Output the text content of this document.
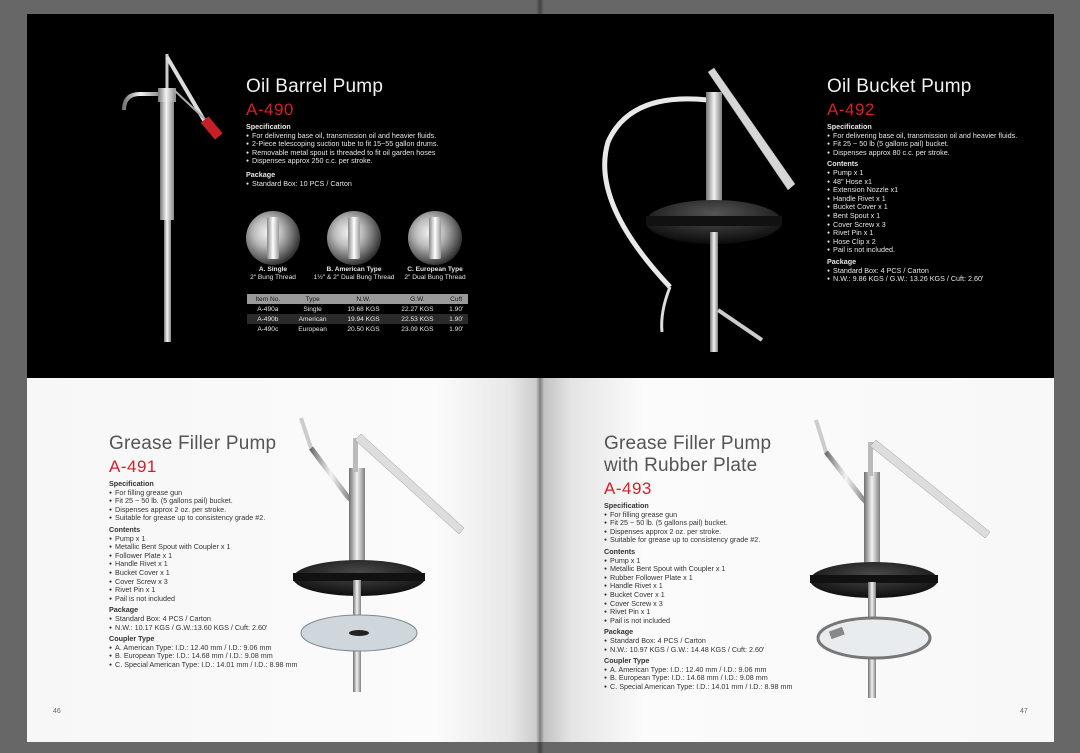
Oil Barrel Pump
A-490
Specification
● For delivering base oil, transmission oil and heavier fluids.
● 2-Piece telescoping suction tube to fit 15~55 gallon drums.
● Removable metal spout is threaded to fit oil garden hoses
● Dispenses approx 250 c.c. per stroke.
Package
● Standard Box: 10 PCS / Carton
A. Single
2" Bung Thread
B. American Type
1½" & 2" Dual Bung Thread
C. European Type
2" Dual Bung Thread
Item No.	Type	N.W.	G.W.	Cuft
A-490a	Single	19.68 KGS	22.27 KGS	1.90'
A-490b	American	19.94 KGS	22.53 KGS	1.90'
A-490c	European	20.50 KGS	23.09 KGS	1.90'
Grease Filler Pump
A-491
Specification
● For filling grease gun
● Fit 25 ~ 50 lb. (5 gallons pail) bucket.
● Dispenses approx 2 oz. per stroke.
● Suitable for grease up to consistency grade #2.
Contents
● Pump x 1
● Metallic Bent Spout with Coupler x 1
● Follower Plate x 1
● Handle Rivet x 1
● Bucket Cover x 1
● Cover Screw x 3
● Rivet Pin x 1
● Pail is not included
Package
● Standard Box: 4 PCS / Carton
● N.W.: 10.17 KGS / G.W.:13.60 KGS / Cuft: 2.60'
Coupler Type
● A. American Type: I.D.: 12.40 mm / I.D.: 9.06 mm
● B. European Type: I.D.: 14.68 mm / I.D.: 9.08 mm
● C. Special American Type: I.D.: 14.01 mm / I.D.: 8.98 mm
46
Oil Bucket Pump
A-492
Specification
● For delivering base oil, transmission oil and heavier fluids.
● Fit 25 ~ 50 lb (5 gallons pail) bucket.
● Dispenses approx 80 c.c. per stroke.
Contents
● Pump x 1
● 48" Hose x1
● Extension Nozzle x1
● Handle Rivet x 1
● Bucket Cover x 1
● Bent Spout x 1
● Cover Screw x 3
● Rivet Pin x 1
● Hose Clip x 2
● Pail is not included.
Package
● Standard Box: 4 PCS / Carton
● N.W.: 9.86 KGS / G.W.: 13.26 KGS / Cuft: 2.60'
Grease Filler Pump
with Rubber Plate
A-493
Specification
● For filling grease gun
● Fit 25 ~ 50 lb. (5 gallons pail) bucket.
● Dispenses approx 2 oz. per stroke.
● Suitable for grease up to consistency grade #2.
Contents
● Pump x 1
● Metallic Bent Spout with Coupler x 1
● Rubber Follower Plate x 1
● Handle Rivet x 1
● Bucket Cover x 1
● Cover Screw x 3
● Rivet Pin x 1
● Pail is not included
Package
● Standard Box: 4 PCS / Carton
● N.W.: 10.97 KGS / G.W.: 14.48 KGS / Cuft: 2.60'
Coupler Type
● A. American Type: I.D.: 12.40 mm / I.D.: 9.06 mm
● B. European Type: I.D.: 14.68 mm / I.D.: 9.08 mm
● C. Special American Type: I.D.: 14.01 mm / I.D.: 8.98 mm
47
